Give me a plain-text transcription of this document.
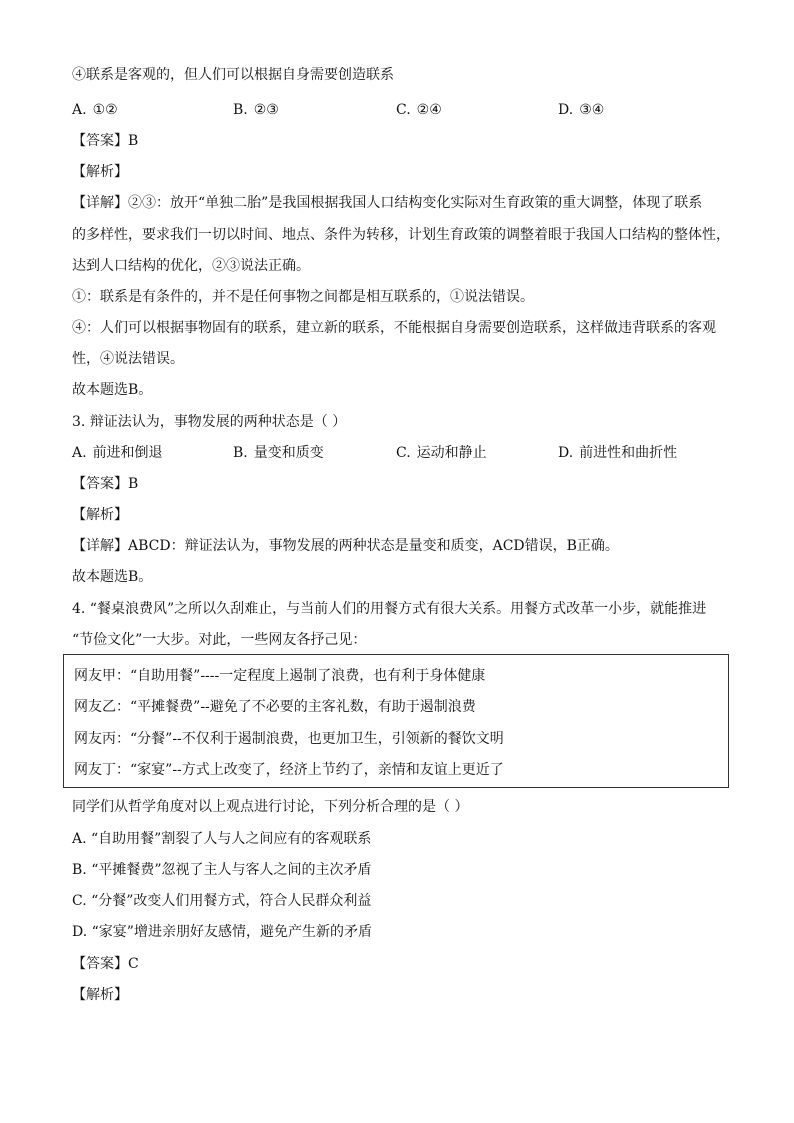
④联系是客观的，但人们可以根据自身需要创造联系
A. ①②	B. ②③	C. ②④	D. ③④
【答案】B
【解析】
【详解】②③：放开“单独二胎”是我国根据我国人口结构变化实际对生育政策的重大调整，体现了联系
的多样性，要求我们一切以时间、地点、条件为转移，计划生育政策的调整着眼于我国人口结构的整体性，
达到人口结构的优化，②③说法正确。
①：联系是有条件的，并不是任何事物之间都是相互联系的，①说法错误。
④：人们可以根据事物固有的联系，建立新的联系，不能根据自身需要创造联系，这样做违背联系的客观
性，④说法错误。
故本题选B。
3. 辩证法认为，事物发展的两种状态是（ ）
A. 前进和倒退	B. 量变和质变	C. 运动和静止	D. 前进性和曲折性
【答案】B
【解析】
【详解】ABCD：辩证法认为，事物发展的两种状态是量变和质变，ACD错误，B正确。
故本题选B。
4. “餐桌浪费风”之所以久刮难止，与当前人们的用餐方式有很大关系。用餐方式改革一小步，就能推进
“节俭文化”一大步。对此，一些网友各抒己见：
网友甲：“自助用餐”----一定程度上遏制了浪费，也有利于身体健康
网友乙：“平摊餐费”--避免了不必要的主客礼数，有助于遏制浪费
网友丙：“分餐”--不仅利于遏制浪费，也更加卫生，引领新的餐饮文明
网友丁：“家宴”--方式上改变了，经济上节约了，亲情和友谊上更近了
同学们从哲学角度对以上观点进行讨论，下列分析合理的是（ ）
A. “自助用餐”割裂了人与人之间应有的客观联系
B. “平摊餐费”忽视了主人与客人之间的主次矛盾
C. “分餐”改变人们用餐方式，符合人民群众利益
D. “家宴”增进亲朋好友感情，避免产生新的矛盾
【答案】C
【解析】
